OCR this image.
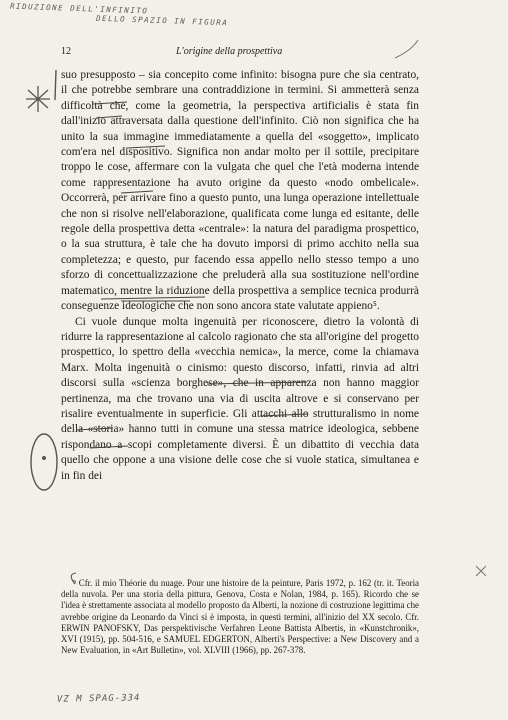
RIDUZIONE DELL'INFINITO
DELLO SPAZIO IN FIGURA
12	L'origine della prospettiva

suo presupposto – sia concepito come infinito: bisogna pure che sia centrato, il che potrebbe sembrare una contraddizione in termini. Si ammetterà senza difficoltà che, come la geometria, la perspectiva artificialis è stata fin dall'inizio attraversata dalla questione dell'infinito. Ciò non significa che ha unito la sua immagine immediatamente a quella del «soggetto», implicato com'era nel dispositivo. Significa non andar molto per il sottile, precipitare troppo le cose, affermare con la vulgata che quel che l'età moderna intende come rappresentazione ha avuto origine da questo «nodo ombelicale». Occorrerà, per arrivare fino a questo punto, una lunga operazione intellettuale che non si risolve nell'elaborazione, qualificata come lunga ed esitante, delle regole della prospettiva detta «centrale»: la natura del paradigma prospettico, o la sua struttura, è tale che ha dovuto imporsi di primo acchito nella sua completezza; e questo, pur facendo essa appello nello stesso tempo a uno sforzo di concettualizzazione che preluderà alla sua sostituzione nell'ordine matematico, mentre la riduzione della prospettiva a semplice tecnica produrrà conseguenze ideologiche che non sono ancora state valutate appieno⁵.

Ci vuole dunque molta ingenuità per riconoscere, dietro la volontà di ridurre la rappresentazione al calcolo ragionato che sta all'origine del progetto prospettico, lo spettro della «vecchia nemica», la merce, come la chiamava Marx. Molta ingenuità o cinismo: questo discorso, infatti, rinvia ad altri discorsi sulla «scienza borghese», che in apparenza non hanno maggior pertinenza, ma che trovano una via di uscita altrove e si conservano per risalire eventualmente in superficie. Gli attacchi allo strutturalismo in nome della «storia» hanno tutti in comune una stessa matrice ideologica, sebbene rispondano a scopi completamente diversi. È un dibattito di vecchia data quello che oppone a una visione delle cose che si vuole statica, simultanea e in fin dei

⁵ Cfr. il mio Théorie du nuage. Pour une histoire de la peinture, Paris 1972, p. 162 (tr. it. Teoria della nuvola. Per una storia della pittura, Genova, Costa e Nolan, 1984, p. 165). Ricordo che se l'idea è strettamente associata al modello proposto da Alberti, la nozione di costruzione legittima che avrebbe origine da Leonardo da Vinci si è imposta, in questi termini, all'inizio del XX secolo. Cfr. ERWIN PANOFSKY, Das perspektivische Verfahren Leone Battista Albertis, in «Kunstchronik», XVI (1915), pp. 504-516, e SAMUEL EDGERTON, Alberti's Perspective: a New Discovery and a New Evaluation, in «Art Bulletin», vol. XLVIII (1966), pp. 267-378.

VZ M SPAG-334
